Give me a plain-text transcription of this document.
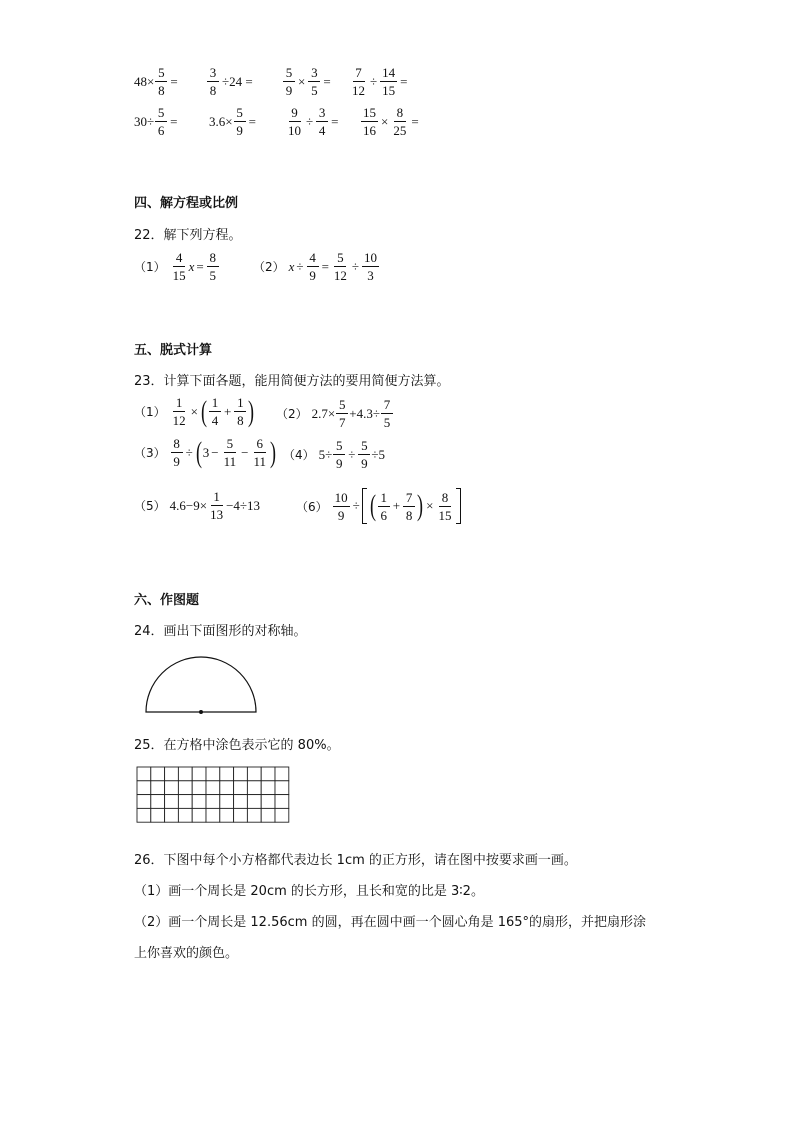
$48\times \frac{5}{8} = \frac{3}{8} \div 24 = \frac{5}{9} \times \frac{3}{5} = \frac{7}{12} \div \frac{14}{15}$ =
$30\div \frac{5}{6} = 3.6\times \frac{5}{9} = \frac{9}{10} \div \frac{3}{4} = \frac{15}{16} \times \frac{8}{25}$ =
四、解方程或比例
22．解下列方程。
$(1) \frac{4}{15}$ $x = \frac{8}{5}$	（2） $x \div \frac{4}{9} = \frac{5}{12} \div \frac{10}{3}$
五、脱式计算
23．计算下面各题，能用简便方法的要用简便方法算。
$(1) \frac{1}{12}$ × ( $\frac{1}{4} + \frac{1}{8}$ ) （2） $2.7\times \frac{5}{7} +4.3\div \frac{7}{5}$
$(3) \frac{8}{9}$ ÷ ( $3 - \frac{5}{11} - \frac{6}{11}$ ) （4） $5\div \frac{5}{9} \div \frac{5}{9} \div 5$
（5） $4.6-9\times \frac{1}{13} -4\div 13$	$(6) \frac{10}{9}$ ÷ ( $\frac{1}{6} + \frac{7}{8}$ ) × $\frac{8}{15}$
六、作图题
24．画出下面图形的对称轴。
25．在方格中涂色表示它的 80%。
26．下图中每个小方格都代表边长 1cm 的正方形，请在图中按要求画一画。
（1）画一个周长是 20cm 的长方形，且长和宽的比是 3∶2。
（2）画一个周长是 12.56cm 的圆，再在圆中画一个圆心角是 165°的扇形，并把扇形涂
上你喜欢的颜色。
